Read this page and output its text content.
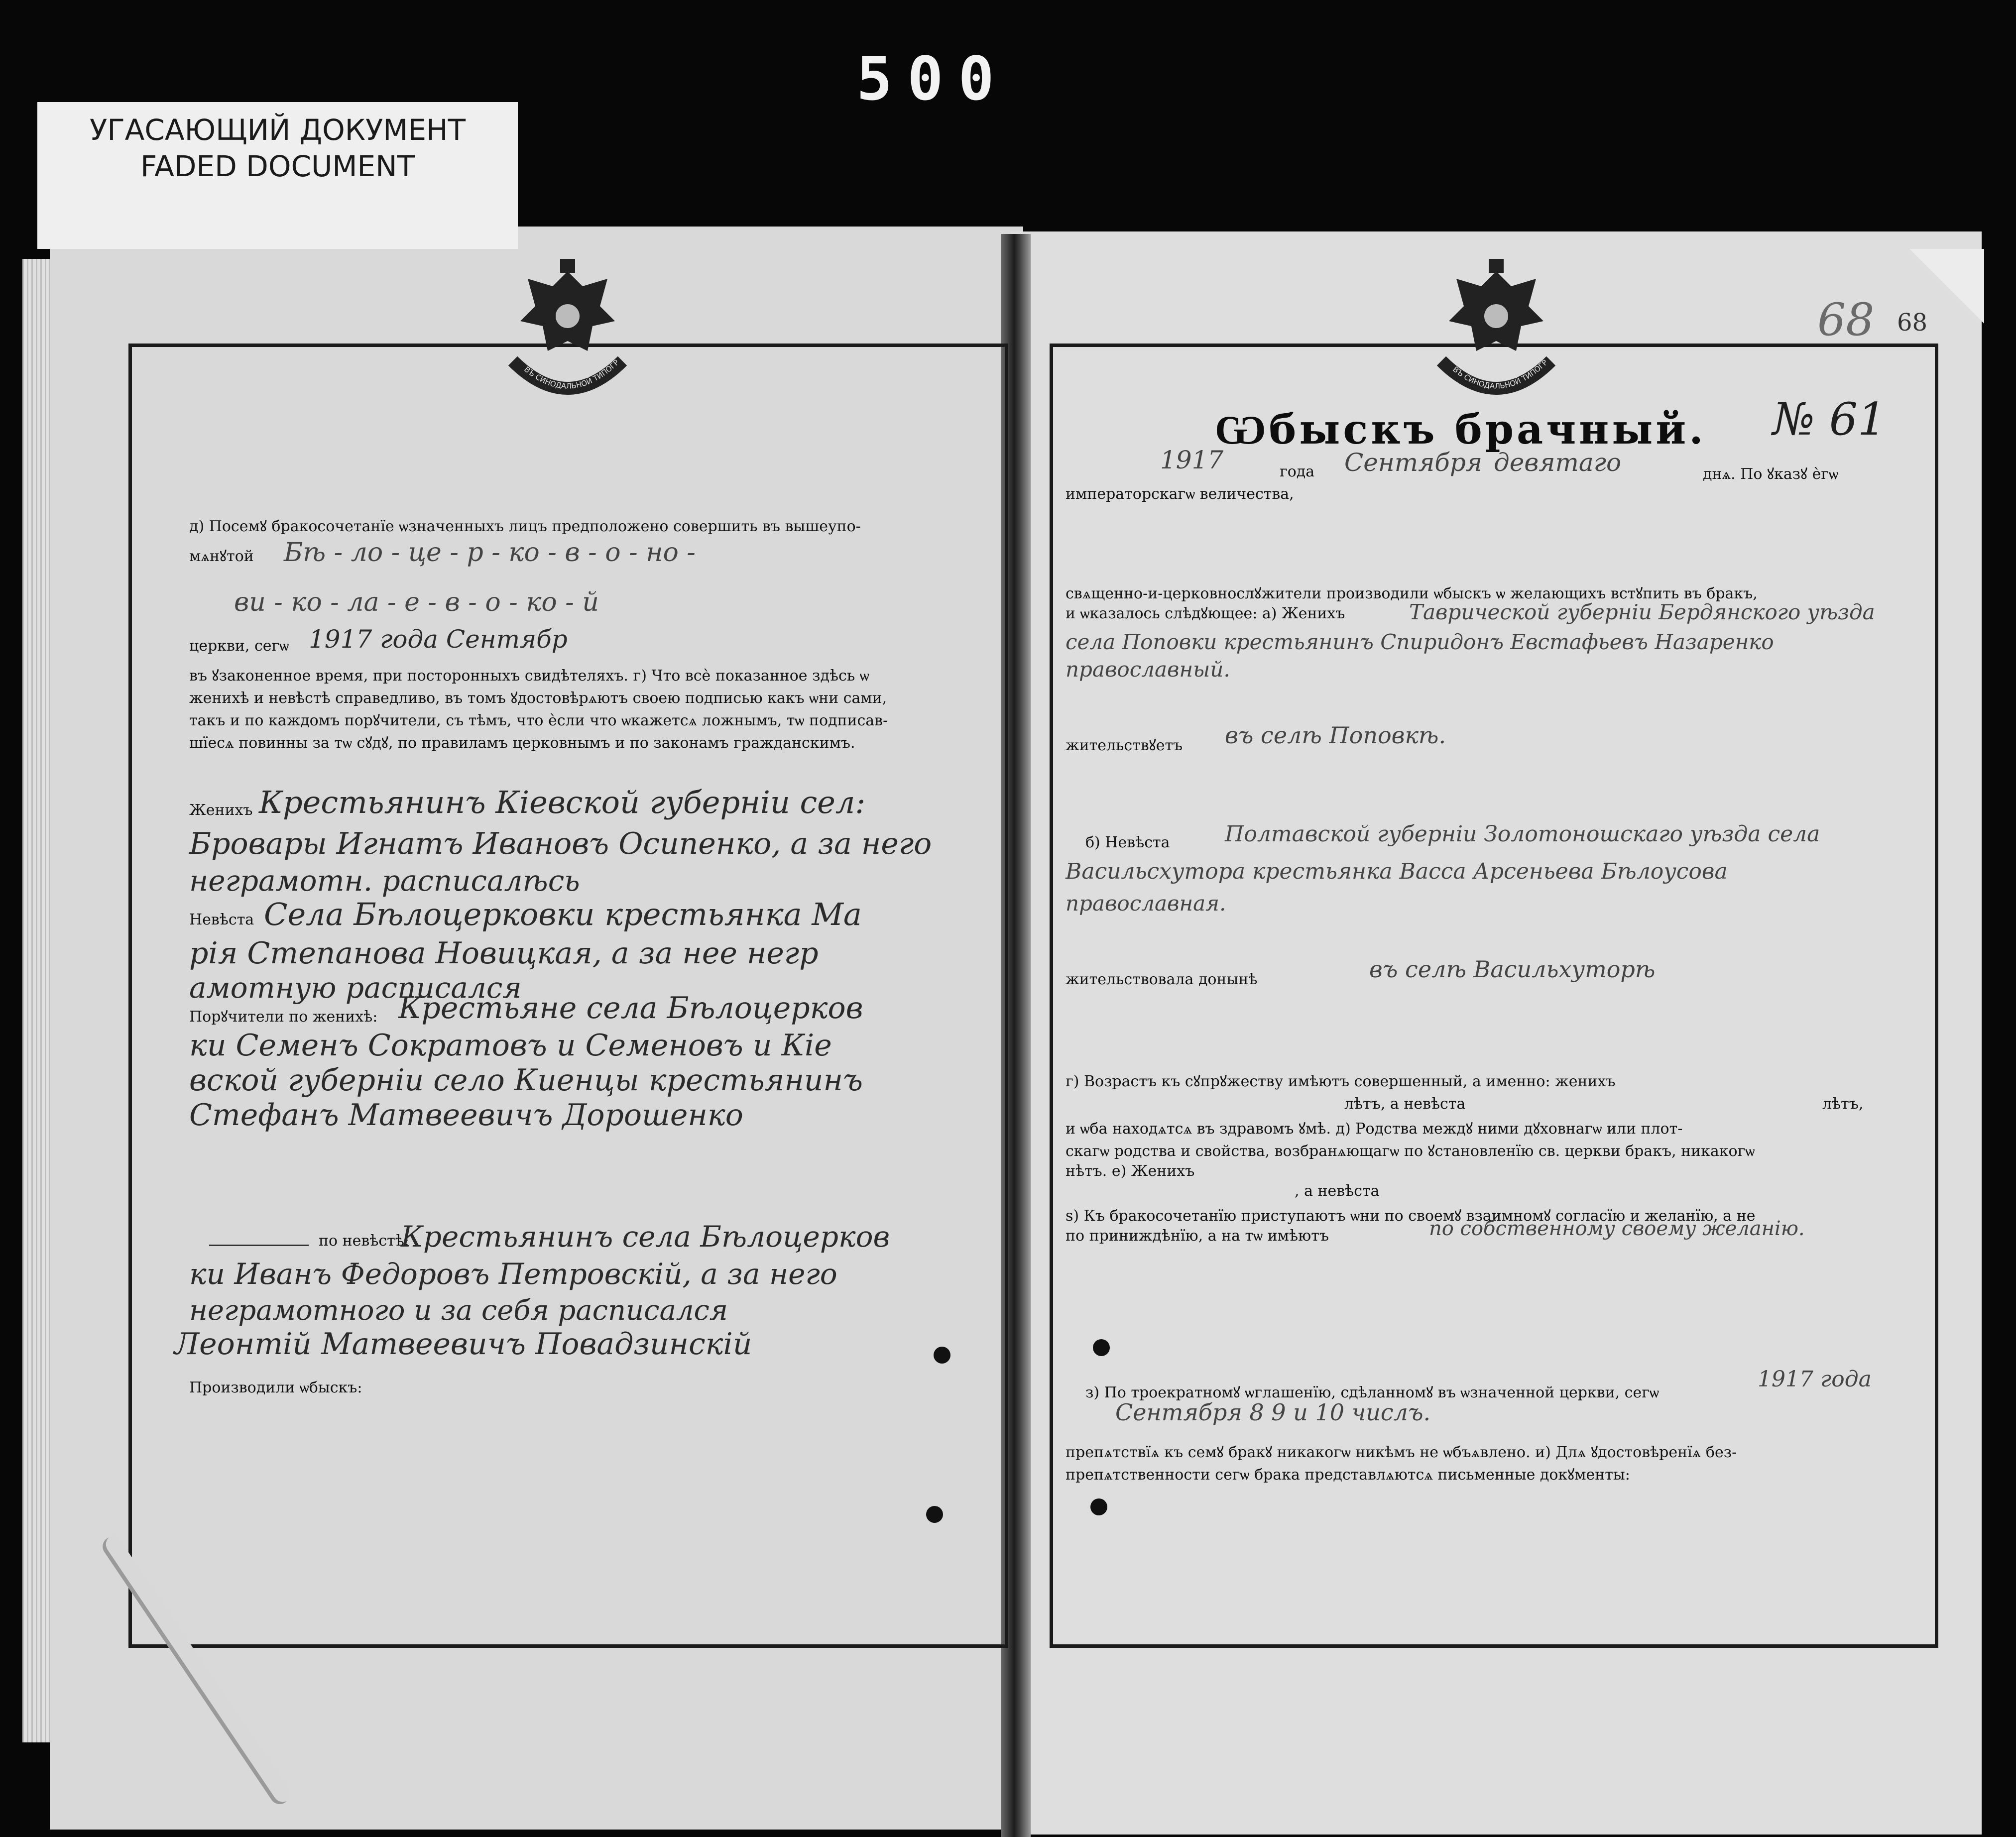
500
УГАСАЮЩИЙ ДОКУМЕНТ
FADED DOCUMENT
ВЪ СИНОДАЛЬНОЙ ТИПОГР
ВЪ СИНОДАЛЬНОЙ ТИПОГР
д) Посемꙋ бракосочетанїе ѡзначенныхъ лицъ предположено совершить въ вышеупо-
мѧнꙋтой Бѣ - ло - це - р - ко - в - о - но -
ви - ко - ла - е - в - о - ко - й
церкви, сегѡ 1917 года Сентябр
въ ꙋзаконенное время, при посторонныхъ свидѣтеляхъ. г) Что всѐ показанное здѣсь ѡ
женихѣ и невѣстѣ справедливо, въ томъ ꙋдостовѣрѧютъ своею подписью какъ ѡни сами,
такъ и по каждомъ порꙋчители, съ тѣмъ, что ѐсли что ѡкажетсѧ ложнымъ, тѡ подписав-
шїесѧ повинны за тѡ сꙋдꙋ, по правиламъ церковнымъ и по законамъ гражданскимъ.
Женихъ Крестьянинъ Кіевской губерніи сел:
Бровары Игнатъ Ивановъ Осипенко, а за него
неграмотн. расписалѣсь
Невѣста Села Бѣлоцерковки крестьянка Ма
рія Степанова Новицкая, а за нее негр
амотную расписался
Порꙋчители по женихѣ: Крестьяне села Бѣлоцерков
ки Семенъ Сократовъ и Семеновъ и Кіе
вской губерніи село Киенцы крестьянинъ
Стефанъ Матвеевичъ Дорошенко
по невѣстѣ:
Крестьянинъ села Бѣлоцерков
ки Иванъ Федоровъ Петровскій, а за него
неграмотного и за себя расписался
Леонтій Матвеевичъ Повадзинскій
Производили ѡбыскъ:
68 68
№ 61
Ѡбыскъ брачный.
1917	года Сентября девятаго	днѧ. По ꙋказꙋ ѐгѡ
императорскагѡ величества,
свѧщенно-и-церковнослꙋжители производили ѡбыскъ ѡ желающихъ встꙋпить въ бракъ,
и ѡказалось слѣдꙋющее: а) Женихъ	Таврической губерніи Бердянского уѣзда
села Поповки крестьянинъ Спиридонъ Евстафьевъ Назаренко
православный.
жительствꙋетъ въ селѣ Поповкѣ.
б) Невѣста	Полтавской губерніи Золотоношскаго уѣзда села
Васильсхутора крестьянка Васса Арсеньева Бѣлоусова
православная.
жительствовала донынѣ	въ селѣ Васильхуторѣ
г) Возрастъ къ сꙋпрꙋжеству имѣютъ совершенный, а именно: женихъ
лѣтъ, а невѣста	лѣтъ,
и ѡба находѧтсѧ въ здравомъ ꙋмѣ. д) Родства междꙋ ними дꙋховнагѡ или плот-
скагѡ родства и свойства, возбранѧющагѡ по ꙋстановленїю св. церкви бракъ, никакогѡ
нѣтъ. е) Женихъ
, а невѣста
ѕ) Къ бракосочетанїю приступаютъ ѡни по своемꙋ взаимномꙋ согласїю и желанїю, а не
по приниждѣнїю, а на тѡ имѣютъ	по собственному своему желанію.
з) По троекратномꙋ ѡглашенїю, сдѣланномꙋ въ ѡзначенной церкви, сегѡ
1917 года
Сентября 8 9 и 10 числъ.
препѧтствїѧ къ семꙋ бракꙋ никакогѡ никѣмъ не ѡбъѧвлено. и) Длѧ ꙋдостовѣренїѧ без-
препѧтственности сегѡ брака представлѧютсѧ письменные докꙋменты:
